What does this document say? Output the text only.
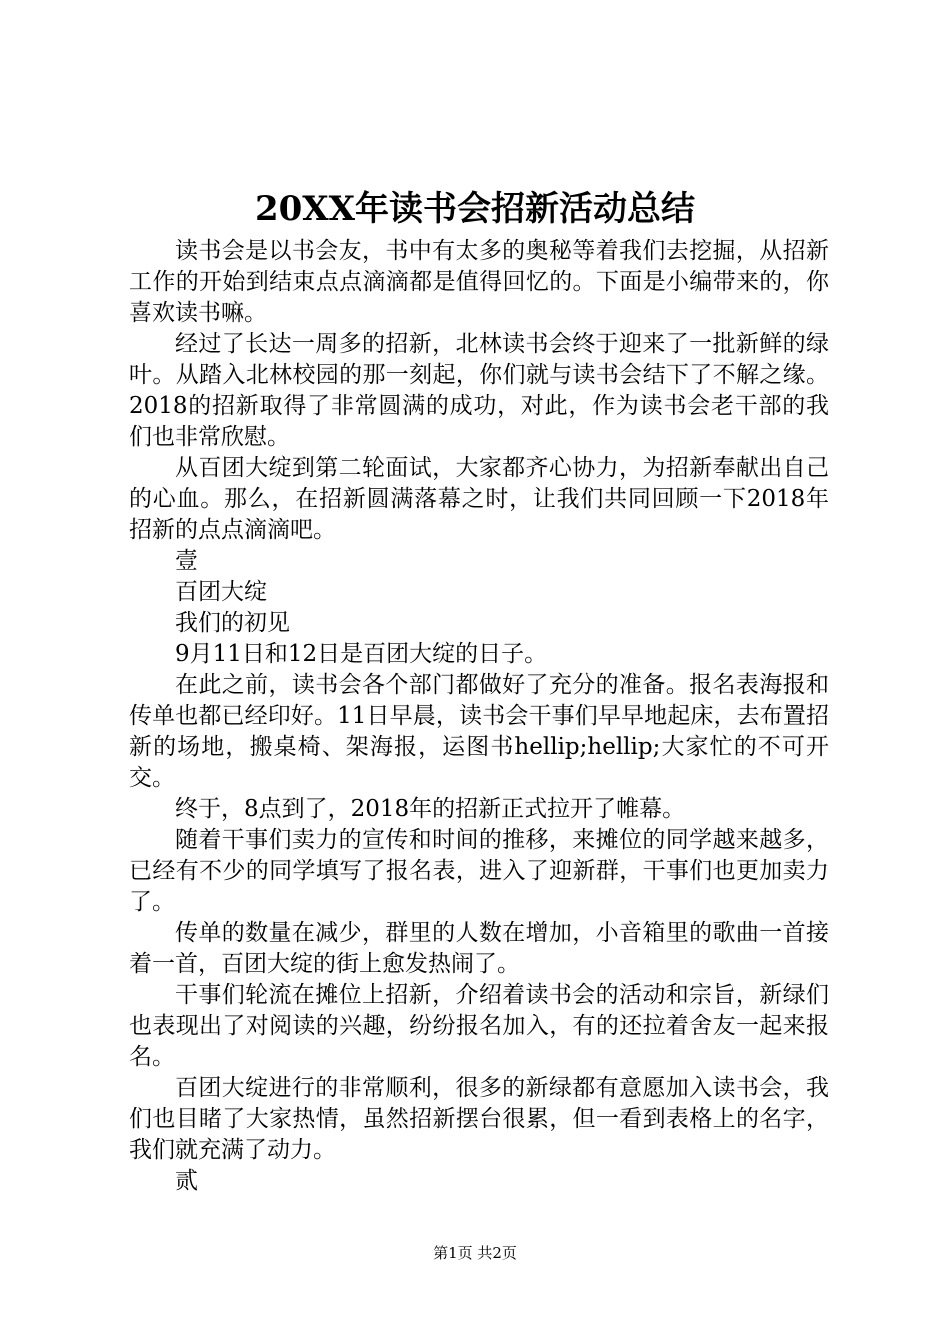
20XX年读书会招新活动总结

读书会是以书会友，书中有太多的奥秘等着我们去挖掘，从招新工作的开始到结束点点滴滴都是值得回忆的。下面是小编带来的，你喜欢读书嘛。

经过了长达一周多的招新，北林读书会终于迎来了一批新鲜的绿叶。从踏入北林校园的那一刻起，你们就与读书会结下了不解之缘。2018的招新取得了非常圆满的成功，对此，作为读书会老干部的我们也非常欣慰。

从百团大绽到第二轮面试，大家都齐心协力，为招新奉献出自己的心血。那么，在招新圆满落幕之时，让我们共同回顾一下2018年招新的点点滴滴吧。

壹

百团大绽

我们的初见

9月11日和12日是百团大绽的日子。

在此之前，读书会各个部门都做好了充分的准备。报名表海报和传单也都已经印好。11日早晨，读书会干事们早早地起床，去布置招新的场地，搬桌椅、架海报，运图书hellip;hellip;大家忙的不可开交。

终于，8点到了，2018年的招新正式拉开了帷幕。

随着干事们卖力的宣传和时间的推移，来摊位的同学越来越多，已经有不少的同学填写了报名表，进入了迎新群，干事们也更加卖力了。

传单的数量在减少，群里的人数在增加，小音箱里的歌曲一首接着一首，百团大绽的街上愈发热闹了。

干事们轮流在摊位上招新，介绍着读书会的活动和宗旨，新绿们也表现出了对阅读的兴趣，纷纷报名加入，有的还拉着舍友一起来报名。

百团大绽进行的非常顺利，很多的新绿都有意愿加入读书会，我们也目睹了大家热情，虽然招新摆台很累，但一看到表格上的名字，我们就充满了动力。

贰

第1页 共2页
